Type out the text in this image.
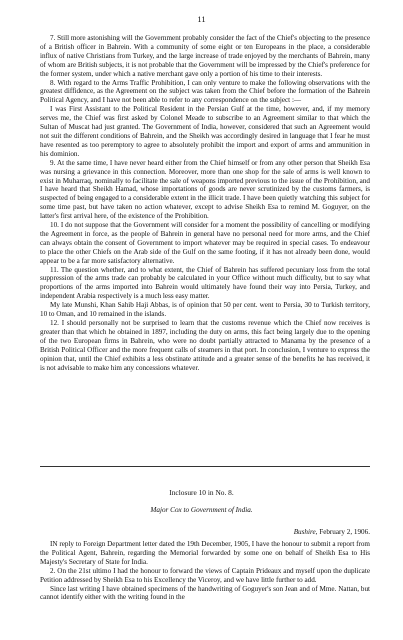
11

7. Still more astonishing will the Government probably consider the fact of the Chief's objecting to the presence of a British officer in Bahrein. With a community of some eight or ten Europeans in the place, a considerable influx of native Christians from Turkey, and the large increase of trade enjoyed by the merchants of Bahrein, many of whom are British subjects, it is not probable that the Government will be impressed by the Chief's preference for the former system, under which a native merchant gave only a portion of his time to their interests.

8. With regard to the Arms Traffic Prohibition, I can only venture to make the following observations with the greatest diffidence, as the Agreement on the subject was taken from the Chief before the formation of the Bahrein Political Agency, and I have not been able to refer to any correspondence on the subject :—

I was First Assistant to the Political Resident in the Persian Gulf at the time, however, and, if my memory serves me, the Chief was first asked by Colonel Meade to subscribe to an Agreement similar to that which the Sultan of Muscat had just granted. The Government of India, however, considered that such an Agreement would not suit the different conditions of Bahrein, and the Sheikh was accordingly desired in language that I fear he must have resented as too peremptory to agree to absolutely prohibit the import and export of arms and ammunition in his dominion.

9. At the same time, I have never heard either from the Chief himself or from any other person that Sheikh Esa was nursing a grievance in this connection. Moreover, more than one shop for the sale of arms is well known to exist in Muharraq, nominally to facilitate the sale of weapons imported previous to the issue of the Prohibition, and I have heard that Sheikh Hamad, whose importations of goods are never scrutinized by the customs farmers, is suspected of being engaged to a considerable extent in the illicit trade. I have been quietly watching this subject for some time past, but have taken no action whatever, except to advise Sheikh Esa to remind M. Goguyer, on the latter's first arrival here, of the existence of the Prohibition.

10. I do not suppose that the Government will consider for a moment the possibility of cancelling or modifying the Agreement in force, as the people of Bahrein in general have no personal need for more arms, and the Chief can always obtain the consent of Government to import whatever may be required in special cases. To endeavour to place the other Chiefs on the Arab side of the Gulf on the same footing, if it has not already been done, would appear to be a far more satisfactory alternative.

11. The question whether, and to what extent, the Chief of Bahrein has suffered pecuniary loss from the total suppression of the arms trade can probably be calculated in your Office without much difficulty, but to say what proportions of the arms imported into Bahrein would ultimately have found their way into Persia, Turkey, and independent Arabia respectively is a much less easy matter.

My late Munshi, Khan Sahib Haji Abbas, is of opinion that 50 per cent. went to Persia, 30 to Turkish territory, 10 to Oman, and 10 remained in the islands.

12. I should personally not be surprised to learn that the customs revenue which the Chief now receives is greater than that which he obtained in 1897, including the duty on arms, this fact being largely due to the opening of the two European firms in Bahrein, who were no doubt partially attracted to Manama by the presence of a British Political Officer and the more frequent calls of steamers in that port. In conclusion, I venture to express the opinion that, until the Chief exhibits a less obstinate attitude and a greater sense of the benefits he has received, it is not advisable to make him any concessions whatever.

Inclosure 10 in No. 8.
Major Cox to Government of India.
Bushire, February 2, 1906.

IN reply to Foreign Department letter dated the 19th December, 1905, I have the honour to submit a report from the Political Agent, Bahrein, regarding the Memorial forwarded by some one on behalf of Sheikh Esa to His Majesty's Secretary of State for India.

2. On the 21st ultimo I had the honour to forward the views of Captain Prideaux and myself upon the duplicate Petition addressed by Sheikh Esa to his Excellency the Viceroy, and we have little further to add.

Since last writing I have obtained specimens of the handwriting of Goguyer's son Jean and of Mme. Nattan, but cannot identify either with the writing found in the
